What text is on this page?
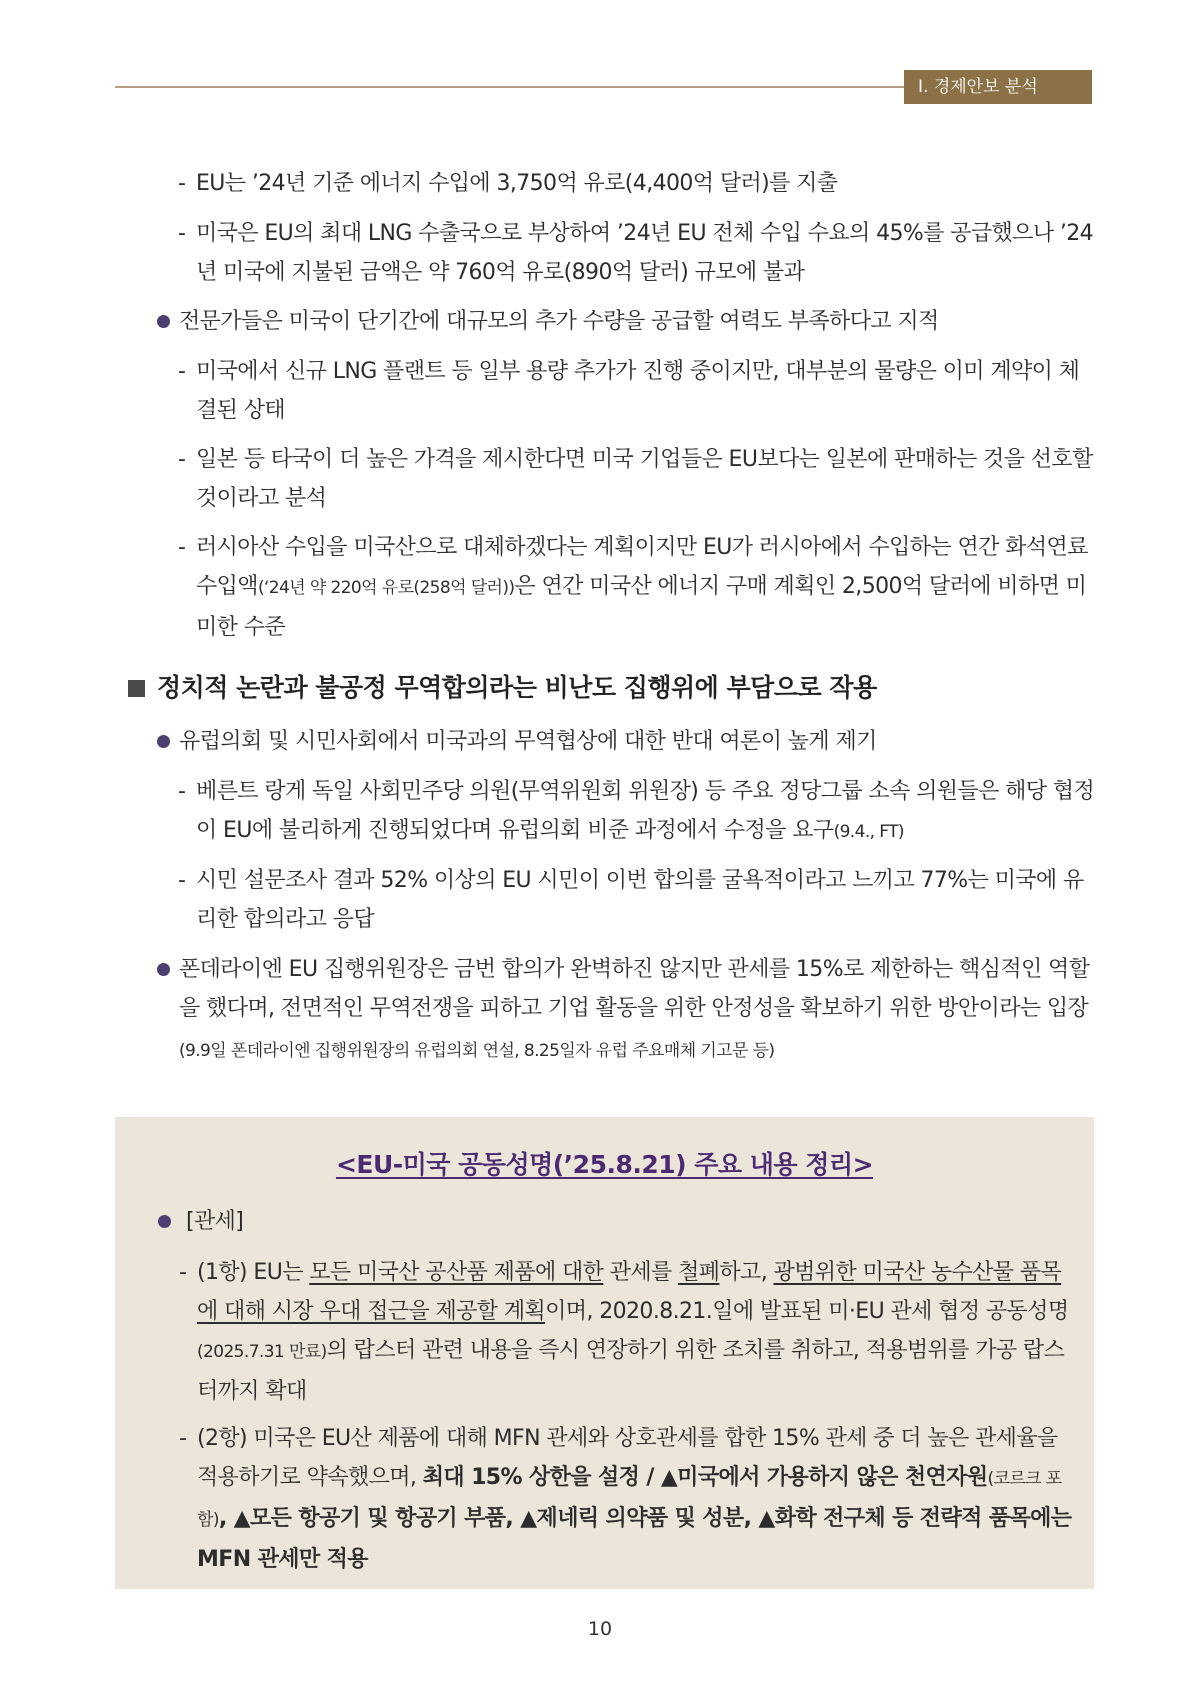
Ⅰ. 경제안보 분석
- EU는 ’24년 기준 에너지 수입에 3,750억 유로(4,400억 달러)를 지출
- 미국은 EU의 최대 LNG 수출국으로 부상하여 ’24년 EU 전체 수입 수요의 45%를 공급했으나 ’24년 미국에 지불된 금액은 약 760억 유로(890억 달러) 규모에 불과
전문가들은 미국이 단기간에 대규모의 추가 수량을 공급할 여력도 부족하다고 지적
- 미국에서 신규 LNG 플랜트 등 일부 용량 추가가 진행 중이지만, 대부분의 물량은 이미 계약이 체결된 상태
- 일본 등 타국이 더 높은 가격을 제시한다면 미국 기업들은 EU보다는 일본에 판매하는 것을 선호할 것이라고 분석
- 러시아산 수입을 미국산으로 대체하겠다는 계획이지만 EU가 러시아에서 수입하는 연간 화석연료 수입액(‘24년 약 220억 유로(258억 달러))은 연간 미국산 에너지 구매 계획인 2,500억 달러에 비하면 미미한 수준
정치적 논란과 불공정 무역합의라는 비난도 집행위에 부담으로 작용
유럽의회 및 시민사회에서 미국과의 무역협상에 대한 반대 여론이 높게 제기
- 베른트 랑게 독일 사회민주당 의원(무역위원회 위원장) 등 주요 정당그룹 소속 의원들은 해당 협정이 EU에 불리하게 진행되었다며 유럽의회 비준 과정에서 수정을 요구(9.4., FT)
- 시민 설문조사 결과 52% 이상의 EU 시민이 이번 합의를 굴욕적이라고 느끼고 77%는 미국에 유리한 합의라고 응답
폰데라이엔 EU 집행위원장은 금번 합의가 완벽하진 않지만 관세를 15%로 제한하는 핵심적인 역할을 했다며, 전면적인 무역전쟁을 피하고 기업 활동을 위한 안정성을 확보하기 위한 방안이라는 입장 (9.9일 폰데라이엔 집행위원장의 유럽의회 연설, 8.25일자 유럽 주요매체 기고문 등)
<EU-미국 공동성명(’25.8.21) 주요 내용 정리>
[관세]
- (1항) EU는 모든 미국산 공산품 제품에 대한 관세를 철폐하고, 광범위한 미국산 농수산물 품목에 대해 시장 우대 접근을 제공할 계획이며, 2020.8.21.일에 발표된 미·EU 관세 협정 공동성명(2025.7.31 만료)의 랍스터 관련 내용을 즉시 연장하기 위한 조치를 취하고, 적용범위를 가공 랍스터까지 확대
- (2항) 미국은 EU산 제품에 대해 MFN 관세와 상호관세를 합한 15% 관세 중 더 높은 관세율을 적용하기로 약속했으며, 최대 15% 상한을 설정 / ▲미국에서 가용하지 않은 천연자원(코르크 포함), ▲모든 항공기 및 항공기 부품, ▲제네릭 의약품 및 성분, ▲화학 전구체 등 전략적 품목에는 MFN 관세만 적용
10
